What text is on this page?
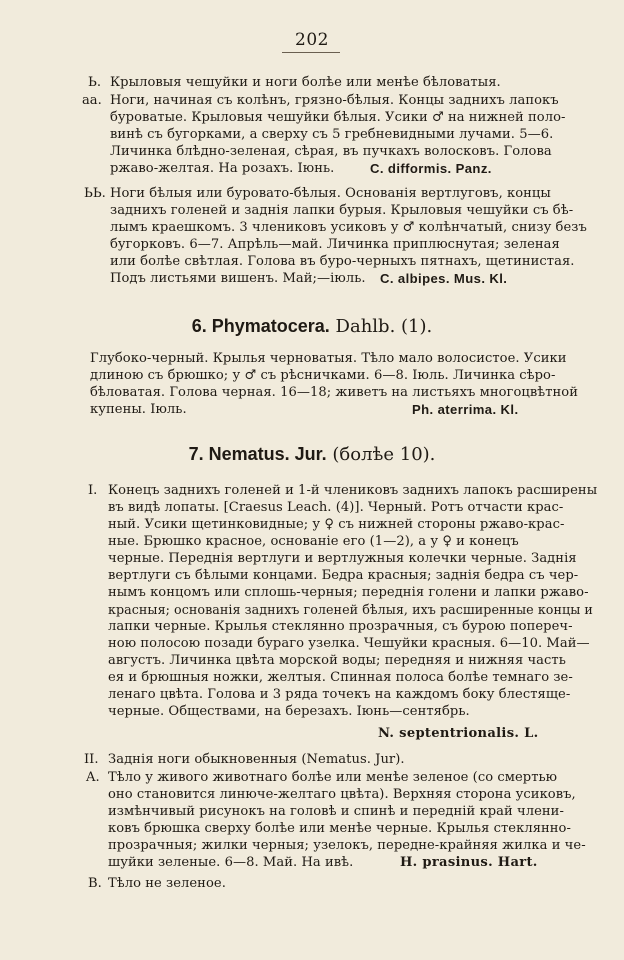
202
Ь. Крыловыя чешуйки и ноги болѣе или менѣе бѣловатыя.
aa. Ноги, начиная съ колѣнъ, грязно-бѣлыя. Концы заднихъ лапокъ
буроватые. Крыловыя чешуйки бѣлыя. Усики ♂ на нижней поло-
винѣ съ бугорками, а сверху съ 5 гребневидными лучами. 5—6.
Личинка блѣдно-зеленая, сѣрая, въ пучкахъ волосковъ. Голова
ржаво-желтая. На розахъ. Іюнь.	C. difformis. Panz.
ЬЬ. Ноги бѣлыя или буровато-бѣлыя. Основанія вертлуговъ, концы
заднихъ голеней и заднія лапки бурыя. Крыловыя чешуйки съ бѣ-
лымъ краешкомъ. 3 члениковъ усиковъ у ♂ колѣнчатый, снизу безъ
бугорковъ. 6—7. Апрѣль—май. Личинка приплюснутая; зеленая
или болѣе свѣтлая. Голова въ буро-черныхъ пятнахъ, щетинистая.
Подъ листьями вишенъ. Май;—іюль. C. albipes. Mus. Kl.
6. Phymatocera. Dahlb. (1).
Глубоко-черный. Крылья черноватыя. Тѣло мало волосистое. Усики
длиною съ брюшко; у ♂ съ рѣсничками. 6—8. Іюль. Личинка сѣро-
бѣловатая. Голова черная. 16—18; живетъ на листьяхъ многоцвѣтной
купены. Іюль.	Ph. aterrima. Kl.
7. Nematus. Jur. (болѣе 10).
I. Конецъ заднихъ голеней и 1-й члениковъ заднихъ лапокъ расширены
въ видѣ лопаты. [Craesus Leach. (4)]. Черный. Ротъ отчасти крас-
ный. Усики щетинковидные; у ♀ съ нижней стороны ржаво-крас-
ные. Брюшко красное, основаніе его (1—2), а у ♀ и конецъ
черные. Переднія вертлуги и вертлужныя колечки черные. Заднія
вертлуги съ бѣлыми концами. Бедра красныя; заднія бедра съ чер-
нымъ концомъ или сплошь-черныя; переднія голени и лапки ржаво-
красныя; основанія заднихъ голеней бѣлыя, ихъ расширенные концы и
лапки черные. Крылья стеклянно прозрачныя, съ бурою попереч-
ною полосою позади бураго узелка. Чешуйки красныя. 6—10. Май—
августъ. Личинка цвѣта морской воды; передняя и нижняя часть
ея и брюшныя ножки, желтыя. Спинная полоса болѣе темнаго зе-
ленаго цвѣта. Голова и 3 ряда точекъ на каждомъ боку блестяще-
черные. Обществами, на березахъ. Іюнь—сентябрь.
N. septentrionalis. L.
II. Заднія ноги обыкновенныя (Nematus. Jur).
A. Тѣло у живого животнаго болѣе или менѣе зеленое (со смертью
оно становится линюче-желтаго цвѣта). Верхняя сторона усиковъ,
измѣнчивый рисунокъ на головѣ и спинѣ и передній край члени-
ковъ брюшка сверху болѣе или менѣе черные. Крылья стеклянно-
прозрачныя; жилки черныя; узелокъ, передне-крайняя жилка и че-
шуйки зеленые. 6—8. Май. На ивѣ.	H. prasinus. Hart.
B. Тѣло не зеленое.
